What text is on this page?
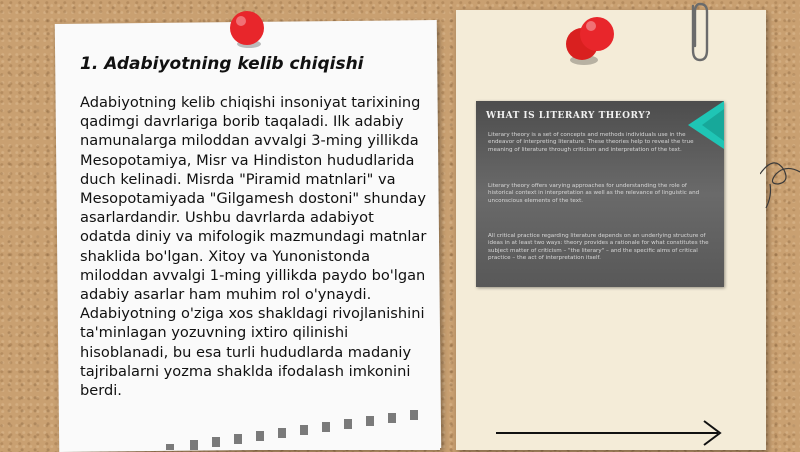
1. Adabiyotning kelib chiqishi

Adabiyotning kelib chiqishi insoniyat tarixining qadimgi davrlariga borib taqaladi. Ilk adabiy namunalarga miloddan avvalgi 3-ming yillikda Mesopotamiya, Misr va Hindiston hududlarida duch kelinadi. Misrda "Piramid matnlari" va Mesopotamiyada "Gilgamesh dostoni" shunday asarlardandir. Ushbu davrlarda adabiyot odatda diniy va mifologik mazmundagi matnlar shaklida bo'lgan. Xitoy va Yunonistonda miloddan avvalgi 1-ming yillikda paydo bo'lgan adabiy asarlar ham muhim rol o'ynaydi. Adabiyotning o'ziga xos shakldagi rivojlanishini ta'minlagan yozuvning ixtiro qilinishi hisoblanadi, bu esa turli hududlarda madaniy tajribalarni yozma shaklda ifodalash imkonini berdi.

WHAT IS LITERARY THEORY?

Literary theory is a set of concepts and methods individuals use in the endeavor of interpreting literature. These theories help to reveal the true meaning of literature through criticism and interpretation of the text.

Literary theory offers varying approaches for understanding the role of historical context in interpretation as well as the relevance of linguistic and unconscious elements of the text.

All critical practice regarding literature depends on an underlying structure of ideas in at least two ways: theory provides a rationale for what constitutes the subject matter of criticism – "the literary" – and the specific aims of critical practice – the act of interpretation itself.
